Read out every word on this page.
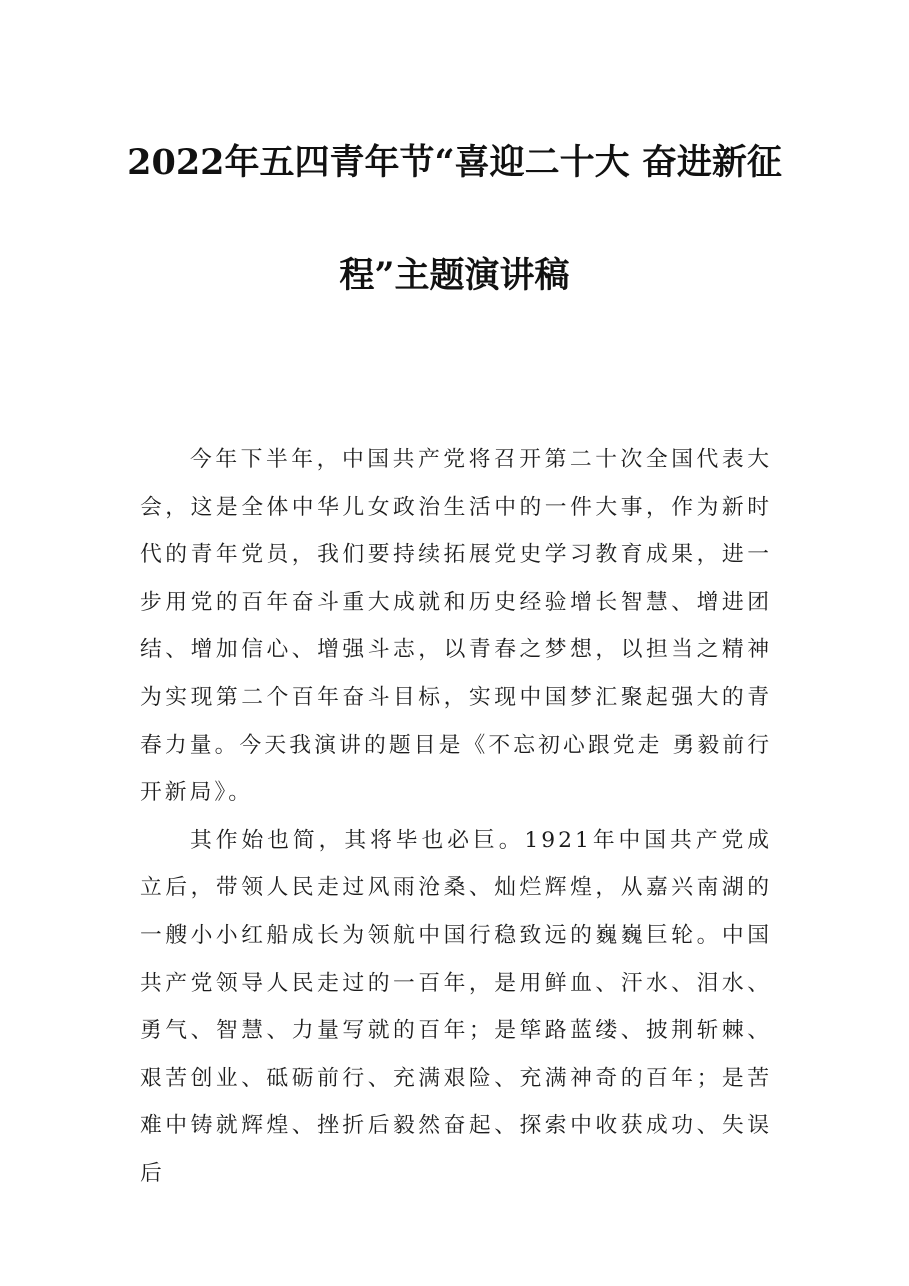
2022年五四青年节“喜迎二十大 奋进新征
程”主题演讲稿

今年下半年，中国共产党将召开第二十次全国代表大会，这是全体中华儿女政治生活中的一件大事，作为新时代的青年党员，我们要持续拓展党史学习教育成果，进一步用党的百年奋斗重大成就和历史经验增长智慧、增进团结、增加信心、增强斗志，以青春之梦想，以担当之精神为实现第二个百年奋斗目标，实现中国梦汇聚起强大的青春力量。今天我演讲的题目是《不忘初心跟党走 勇毅前行开新局》。

其作始也简，其将毕也必巨。1921年中国共产党成立后，带领人民走过风雨沧桑、灿烂辉煌，从嘉兴南湖的一艘小小红船成长为领航中国行稳致远的巍巍巨轮。中国共产党领导人民走过的一百年，是用鲜血、汗水、泪水、勇气、智慧、力量写就的百年；是筚路蓝缕、披荆斩棘、艰苦创业、砥砺前行、充满艰险、充满神奇的百年；是苦难中铸就辉煌、挫折后毅然奋起、探索中收获成功、失误后
